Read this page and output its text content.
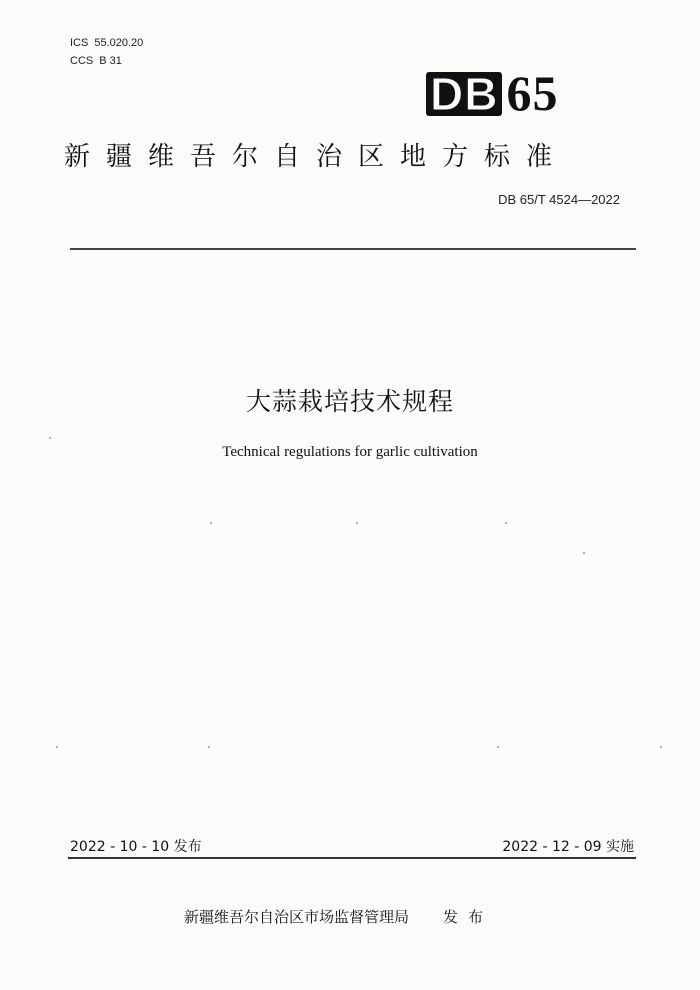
ICS 55.020.20
CCS B 31
DB 65
新疆维吾尔自治区地方标准
DB 65/T 4524—2022
大蒜栽培技术规程
Technical regulations for garlic cultivation
2022 - 10 - 10 发布	2022 - 12 - 09 实施
新疆维吾尔自治区市场监督管理局 发布
